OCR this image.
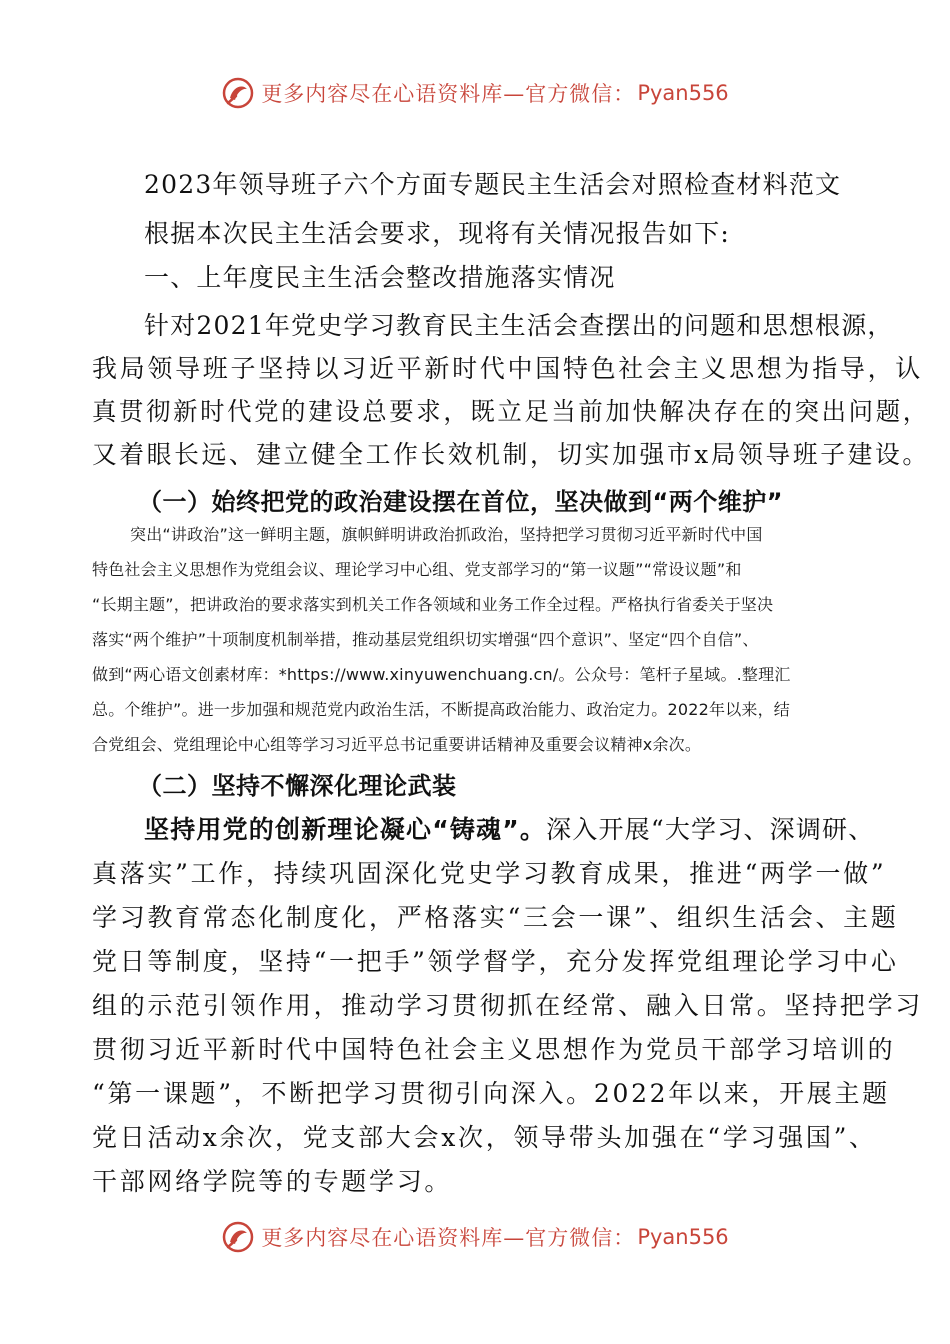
更多内容尽在心语资料库—官方微信： Pyan556
2023年领导班子六个方面专题民主生活会对照检查材料范文
根据本次民主生活会要求，现将有关情况报告如下:
一、上年度民主生活会整改措施落实情况
针对2021年党史学习教育民主生活会查摆出的问题和思想根源，
我局领导班子坚持以习近平新时代中国特色社会主义思想为指导，认
真贯彻新时代党的建设总要求，既立足当前加快解决存在的突出问题，
又着眼长远、建立健全工作长效机制，切实加强市x局领导班子建设。
（一）始终把党的政治建设摆在首位，坚决做到“两个维护”
突出“讲政治”这一鲜明主题，旗帜鲜明讲政治抓政治，坚持把学习贯彻习近平新时代中国
特色社会主义思想作为党组会议、理论学习中心组、党支部学习的“第一议题”“常设议题”和
“长期主题”，把讲政治的要求落实到机关工作各领域和业务工作全过程。严格执行省委关于坚决
落实“两个维护”十项制度机制举措，推动基层党组织切实增强“四个意识”、坚定“四个自信”、
做到“两心语文创素材库：*https://www.xinyuwenchuang.cn/。公众号：笔杆子星域。.整理汇
总。个维护”。进一步加强和规范党内政治生活，不断提高政治能力、政治定力。2022年以来，结
合党组会、党组理论中心组等学习习近平总书记重要讲话精神及重要会议精神x余次。
（二）坚持不懈深化理论武装
坚持用党的创新理论凝心“铸魂”。深入开展“大学习、深调研、
真落实”工作，持续巩固深化党史学习教育成果，推进“两学一做”
学习教育常态化制度化，严格落实“三会一课”、组织生活会、主题
党日等制度，坚持“一把手”领学督学，充分发挥党组理论学习中心
组的示范引领作用，推动学习贯彻抓在经常、融入日常。坚持把学习
贯彻习近平新时代中国特色社会主义思想作为党员干部学习培训的
“第一课题”，不断把学习贯彻引向深入。2022年以来，开展主题
党日活动x余次，党支部大会x次，领导带头加强在“学习强国”、
干部网络学院等的专题学习。
更多内容尽在心语资料库—官方微信： Pyan556
